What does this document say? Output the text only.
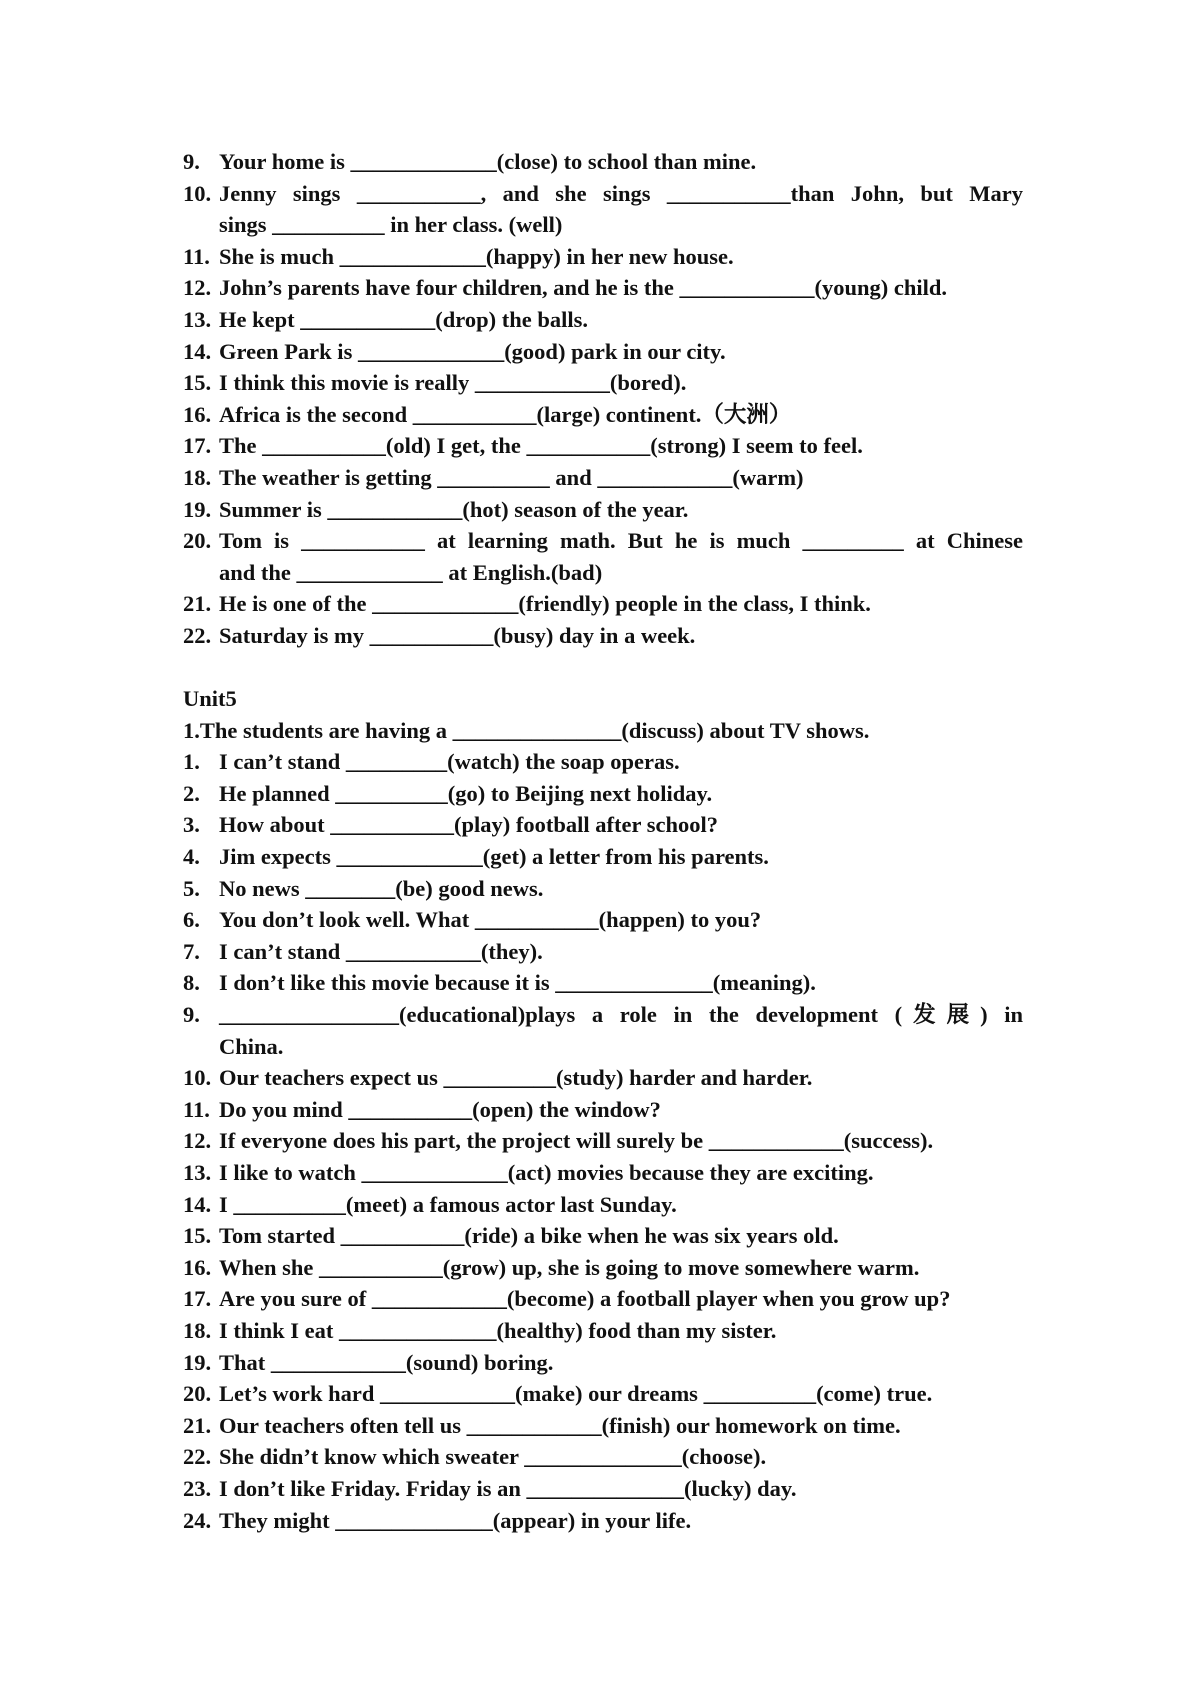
9. Your home is _____________(close) to school than mine.
10. Jenny sings ___________, and she sings ___________than John, but Mary
sings __________ in her class. (well)
11. She is much _____________(happy) in her new house.
12. John’s parents have four children, and he is the ____________(young) child.
13. He kept ____________(drop) the balls.
14. Green Park is _____________(good) park in our city.
15. I think this movie is really ____________(bored).
16. Africa is the second ___________(large) continent.（大洲）
17. The ___________(old) I get, the ___________(strong) I seem to feel.
18. The weather is getting __________ and ____________(warm)
19. Summer is ____________(hot) season of the year.
20. Tom is ___________ at learning math. But he is much _________ at Chinese
and the _____________ at English.(bad)
21. He is one of the _____________(friendly) people in the class, I think.
22. Saturday is my ___________(busy) day in a week.
Unit5
1.The students are having a _______________(discuss) about TV shows.
1. I can’t stand _________(watch) the soap operas.
2. He planned __________(go) to Beijing next holiday.
3. How about ___________(play) football after school?
4. Jim expects _____________(get) a letter from his parents.
5. No news ________(be) good news.
6. You don’t look well. What ___________(happen) to you?
7. I can’t stand ____________(they).
8. I don’t like this movie because it is ______________(meaning).
9. ________________(educational)plays a role in the development (发展) in
China.
10. Our teachers expect us __________(study) harder and harder.
11. Do you mind ___________(open) the window?
12. If everyone does his part, the project will surely be ____________(success).
13. I like to watch _____________(act) movies because they are exciting.
14. I __________(meet) a famous actor last Sunday.
15. Tom started ___________(ride) a bike when he was six years old.
16. When she ___________(grow) up, she is going to move somewhere warm.
17. Are you sure of ____________(become) a football player when you grow up?
18. I think I eat ______________(healthy) food than my sister.
19. That ____________(sound) boring.
20. Let’s work hard ____________(make) our dreams __________(come) true.
21. Our teachers often tell us ____________(finish) our homework on time.
22. She didn’t know which sweater ______________(choose).
23. I don’t like Friday. Friday is an ______________(lucky) day.
24. They might ______________(appear) in your life.
